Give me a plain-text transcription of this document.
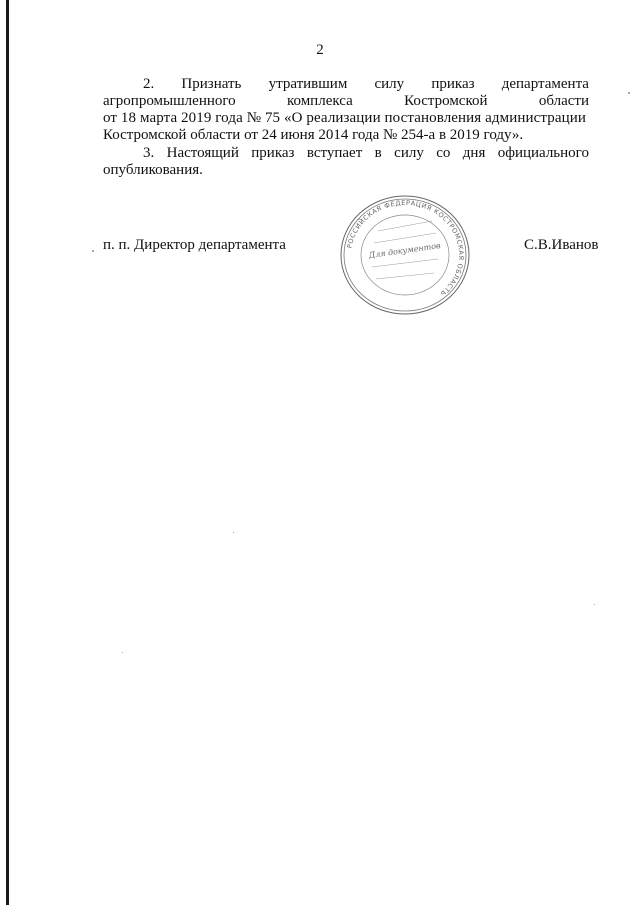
2
2. Признать утратившим силу приказ департамента
агропромышленного	комплекса	Костромской	области
от 18 марта 2019 года № 75 «О реализации постановления администрации
Костромской области от 24 июня 2014 года № 254-а в 2019 году».
3. Настоящий приказ вступает в силу со дня официального
опубликования.
п. п. Директор департамента	С.В.Иванов
РОССИЙСКАЯ ФЕДЕРАЦИЯ КОСТРОМСКАЯ ОБЛАСТЬ
Для документов
